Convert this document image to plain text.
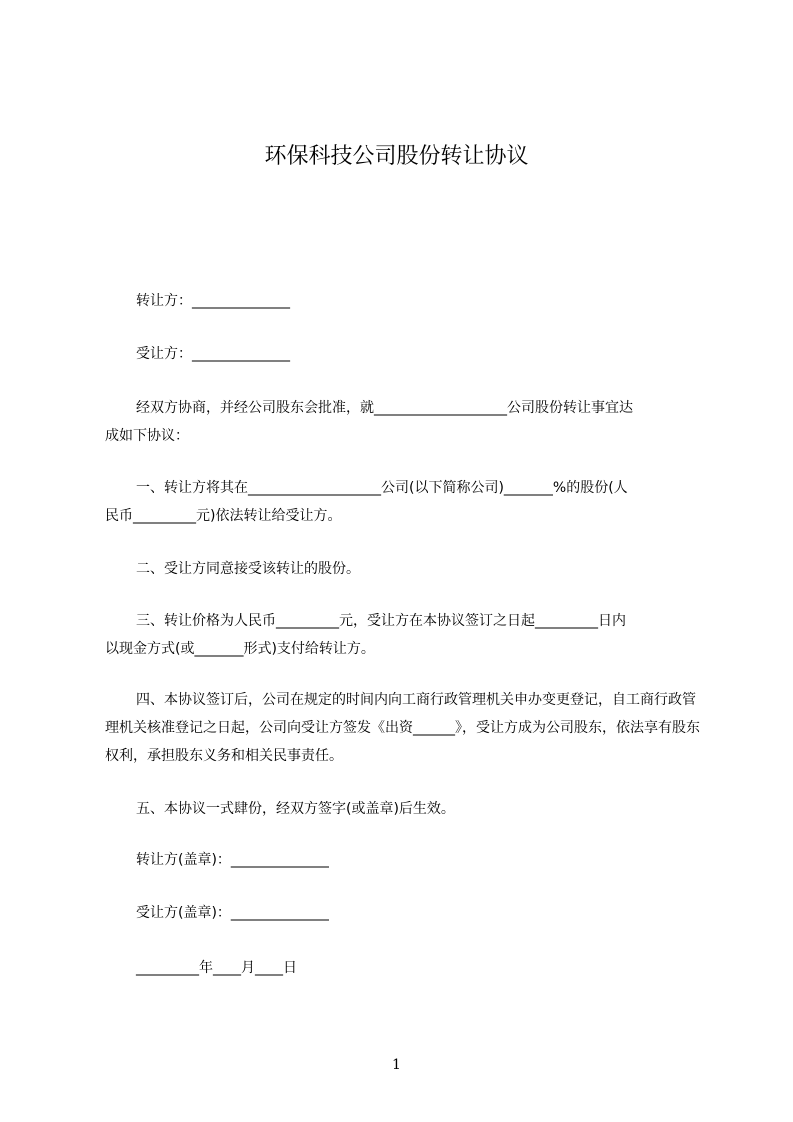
环保科技公司股份转让协议

转让方：______________

受让方：______________

经双方协商，并经公司股东会批准，就___________________公司股份转让事宜达

成如下协议：

一、转让方将其在___________________公司(以下简称公司)_______%的股份(人

民币_________元)依法转让给受让方。

二、受让方同意接受该转让的股份。

三、转让价格为人民币_________元，受让方在本协议签订之日起_________日内

以现金方式(或_______形式)支付给转让方。

四、本协议签订后，公司在规定的时间内向工商行政管理机关申办变更登记，自工商行政管理机关核准登记之日起，公司向受让方签发《出资______》，受让方成为公司股东，依法享有股东权利，承担股东义务和相关民事责任。

五、本协议一式肆份，经双方签字(或盖章)后生效。

转让方(盖章)：______________

受让方(盖章)：______________

_________年____月____日

1
